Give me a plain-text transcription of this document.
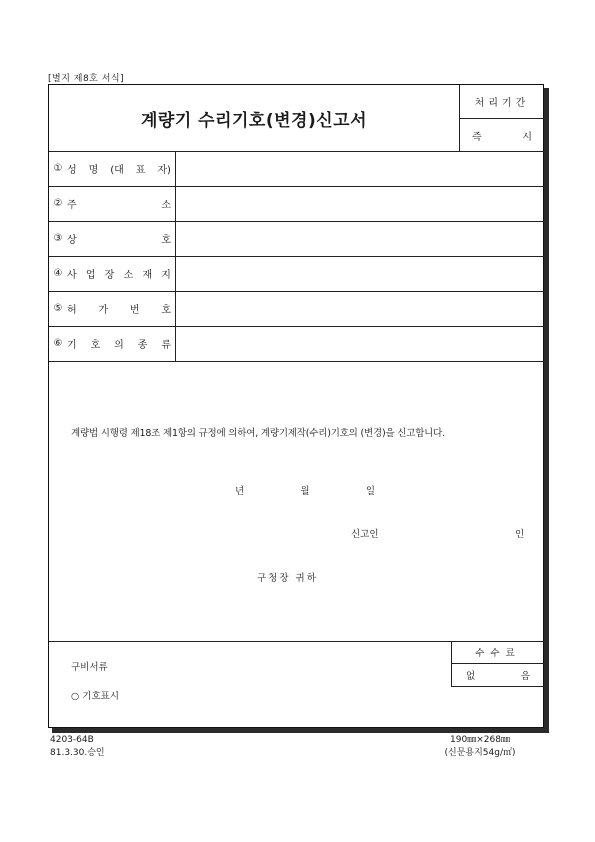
[별지 제8호 서식]
계량기 수리기호(변경)신고서
처리기간
즉	시
① 성 명 (대 표 자)
② 주	소
③ 상	호
④ 사 업 장 소 재 지
⑤ 허 가 번 호
⑥ 기 호 의 종 류
계량법 시행령 제18조 제1항의 규정에 의하여, 계량기제작(수리)기호의 (변경)을 신고합니다.
년	월	일
신고인	인
구청장 귀하
수수료
없	음
구비서류
○ 기호표시
4203-64B
81.3.30.승인
190㎜×268㎜
(신문용지54g/㎡)
